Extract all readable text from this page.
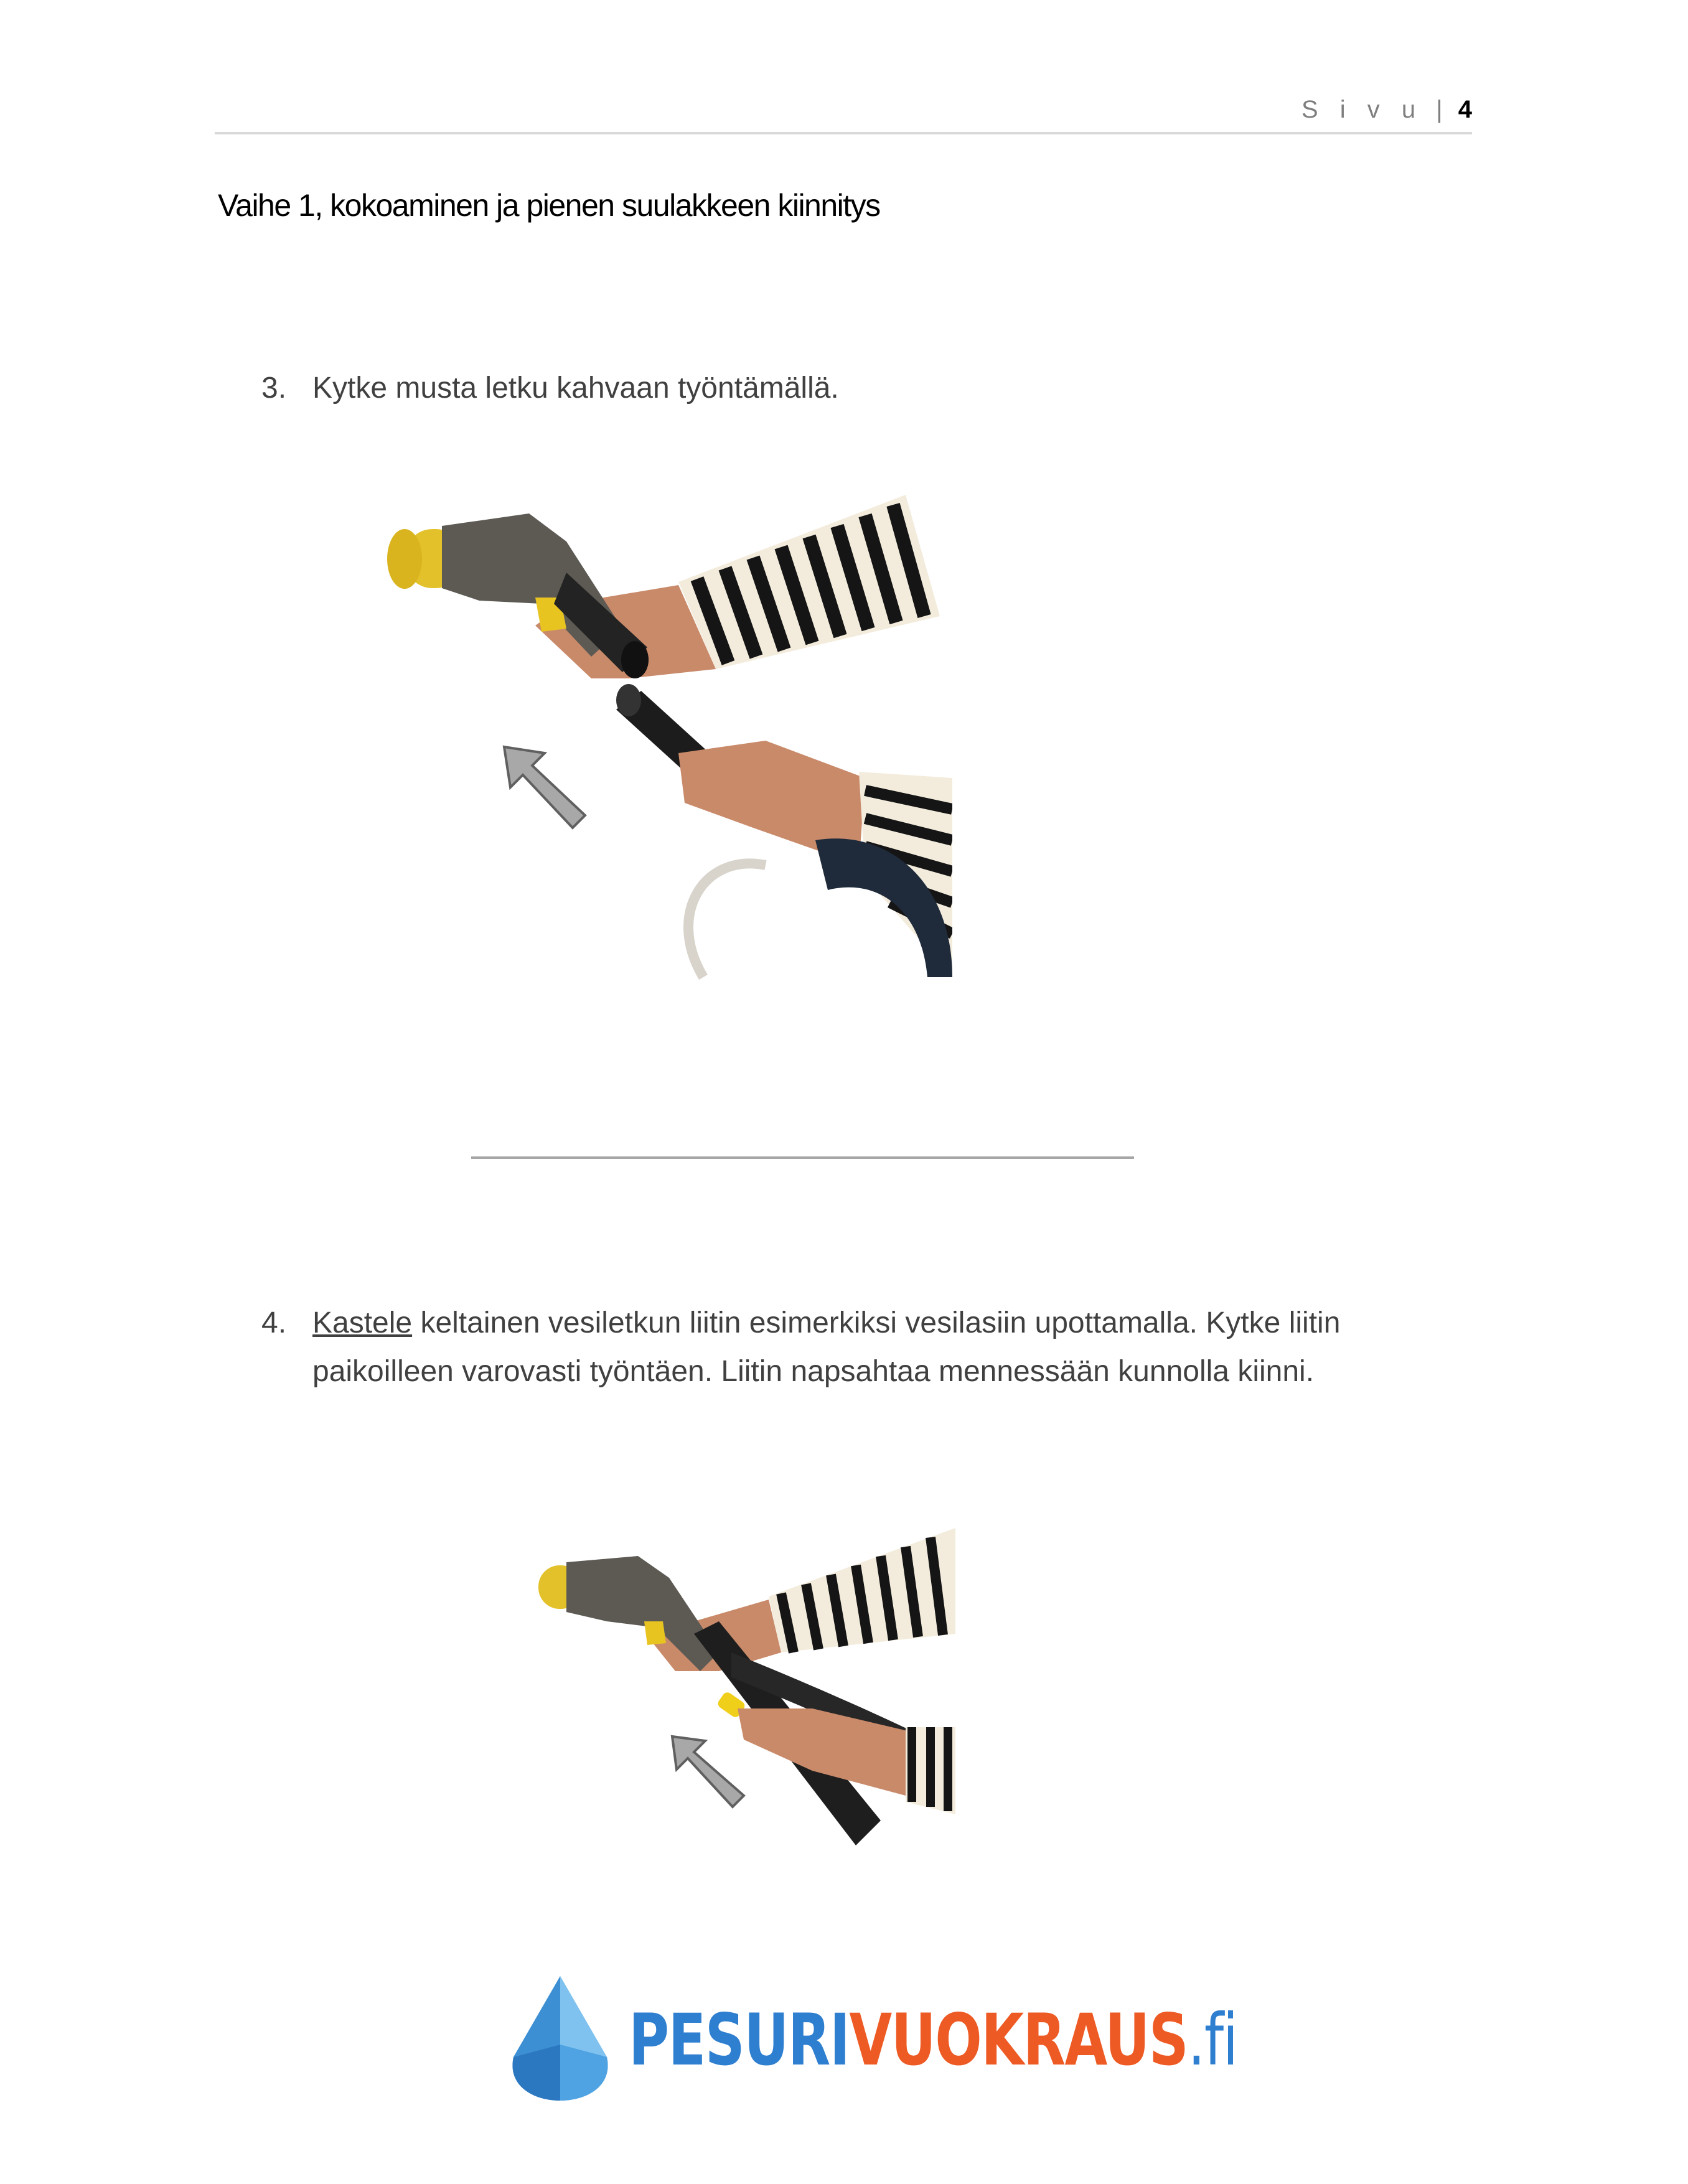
S i v u | 4
Vaihe 1, kokoaminen ja pienen suulakkeen kiinnitys
3. Kytke musta letku kahvaan työntämällä.
4. Kastele keltainen vesiletkun liitin esimerkiksi vesilasiin upottamalla. Kytke liitin paikoilleen varovasti työntäen. Liitin napsahtaa mennessään kunnolla kiinni.
PESURIVUOKRAUS.fi
